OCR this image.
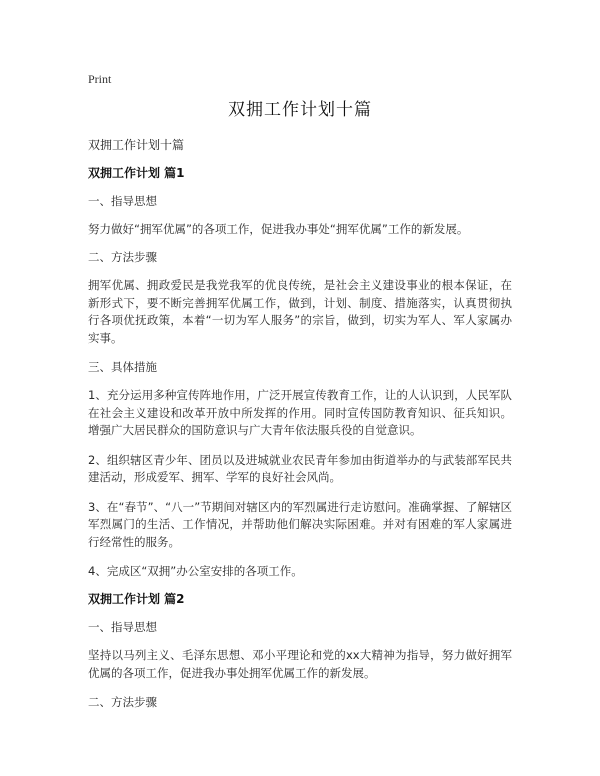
Print
双拥工作计划十篇

双拥工作计划十篇

双拥工作计划 篇1

一、指导思想

努力做好“拥军优属”的各项工作，促进我办事处“拥军优属”工作的新发展。

二、方法步骤

拥军优属、拥政爱民是我党我军的优良传统，是社会主义建设事业的根本保证，在新形式下，要不断完善拥军优属工作，做到，计划、制度、措施落实，认真贯彻执行各项优抚政策，本着“一切为军人服务”的宗旨，做到，切实为军人、军人家属办实事。

三、具体措施

1、充分运用多种宣传阵地作用，广泛开展宣传教育工作，让的人认识到，人民军队在社会主义建设和改革开放中所发挥的作用。同时宣传国防教育知识、征兵知识。增强广大居民群众的国防意识与广大青年依法服兵役的自觉意识。

2、组织辖区青少年、团员以及进城就业农民青年参加由街道举办的与武装部军民共建活动，形成爱军、拥军、学军的良好社会风尚。

3、在“春节”、“八一”节期间对辖区内的军烈属进行走访慰问。准确掌握、了解辖区军烈属门的生活、工作情况，并帮助他们解决实际困难。并对有困难的军人家属进行经常性的服务。

4、完成区“双拥”办公室安排的各项工作。

双拥工作计划 篇2

一、指导思想

坚持以马列主义、毛泽东思想、邓小平理论和党的xx大精神为指导，努力做好拥军优属的各项工作，促进我办事处拥军优属工作的新发展。

二、方法步骤
